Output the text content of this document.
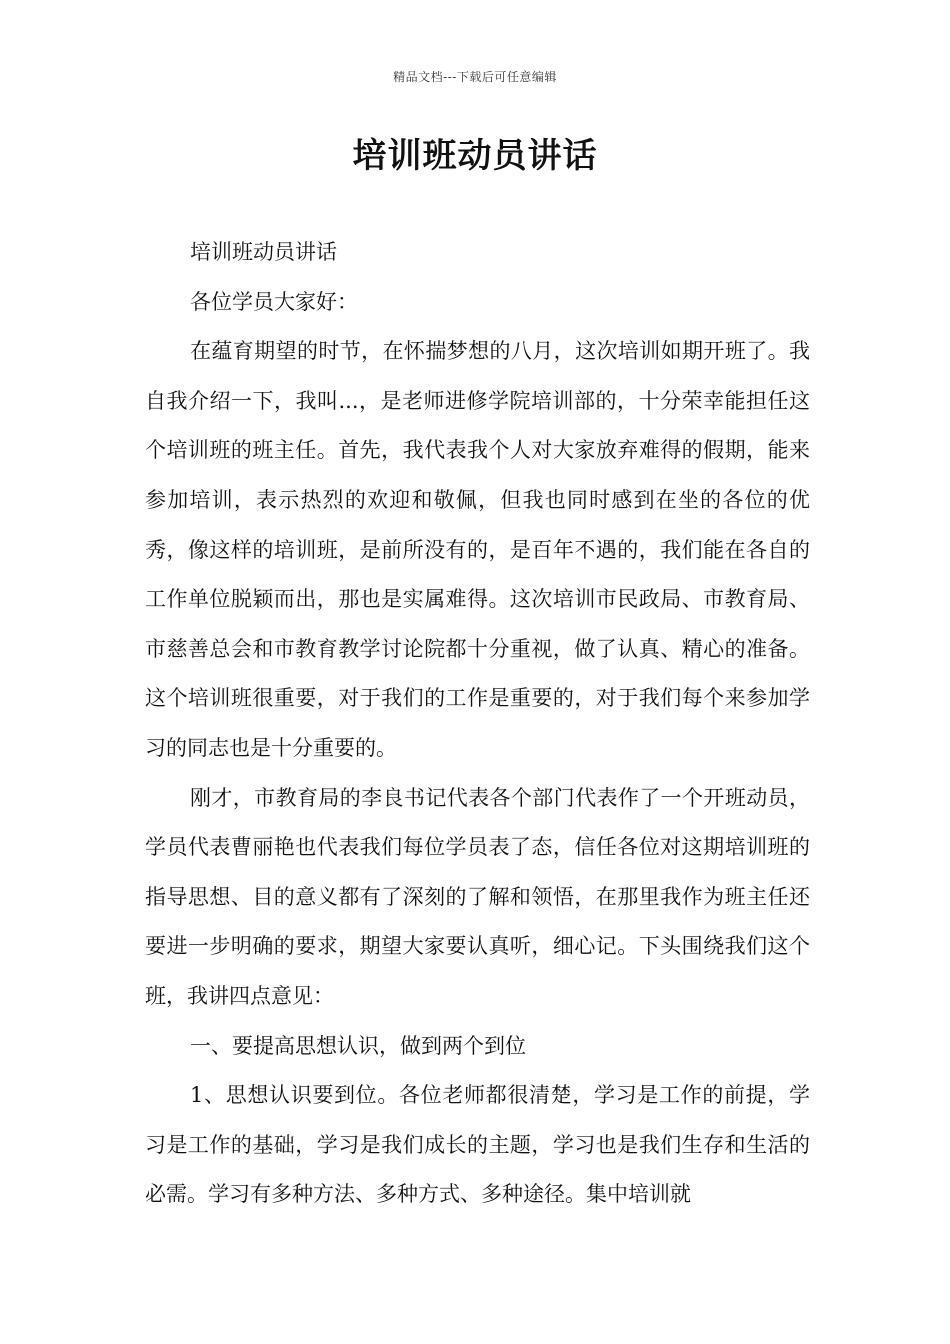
精品文档---下载后可任意编辑
培训班动员讲话

培训班动员讲话

各位学员大家好：

在蕴育期望的时节，在怀揣梦想的八月，这次培训如期开班了。我自我介绍一下，我叫...，是老师进修学院培训部的，十分荣幸能担任这个培训班的班主任。首先，我代表我个人对大家放弃难得的假期，能来参加培训，表示热烈的欢迎和敬佩，但我也同时感到在坐的各位的优秀，像这样的培训班，是前所没有的，是百年不遇的，我们能在各自的工作单位脱颖而出，那也是实属难得。这次培训市民政局、市教育局、市慈善总会和市教育教学讨论院都十分重视，做了认真、精心的准备。这个培训班很重要，对于我们的工作是重要的，对于我们每个来参加学习的同志也是十分重要的。

刚才，市教育局的李良书记代表各个部门代表作了一个开班动员，学员代表曹丽艳也代表我们每位学员表了态，信任各位对这期培训班的指导思想、目的意义都有了深刻的了解和领悟，在那里我作为班主任还要进一步明确的要求，期望大家要认真听，细心记。下头围绕我们这个班，我讲四点意见：

一、要提高思想认识，做到两个到位

1、思想认识要到位。各位老师都很清楚，学习是工作的前提，学习是工作的基础，学习是我们成长的主题，学习也是我们生存和生活的必需。学习有多种方法、多种方式、多种途径。集中培训就
